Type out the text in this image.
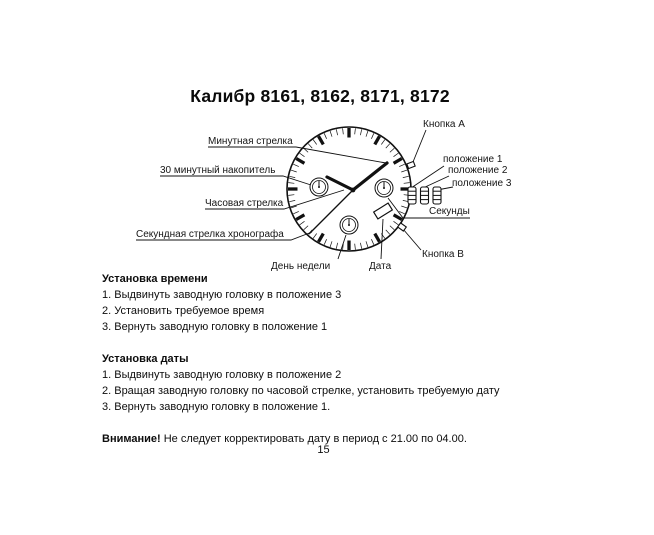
Калибр 8161, 8162, 8171, 8172
Минутная стрелка
30 минутный накопитель
Часовая стрелка
Секундная стрелка хронографа
День недели	Дата
Кнопка A
положение 1
положение 2
положение 3
Секунды
Кнопка B
Установка времени
1. Выдвинуть заводную головку в положение 3
2. Установить требуемое время
3. Вернуть заводную головку в положение 1
Установка даты
1. Выдвинуть заводную головку в положение 2
2. Вращая заводную головку по часовой стрелке, установить требуемую дату
3. Вернуть заводную головку в положение 1.
Внимание! Не следует корректировать дату в период с 21.00 по 04.00.
15
